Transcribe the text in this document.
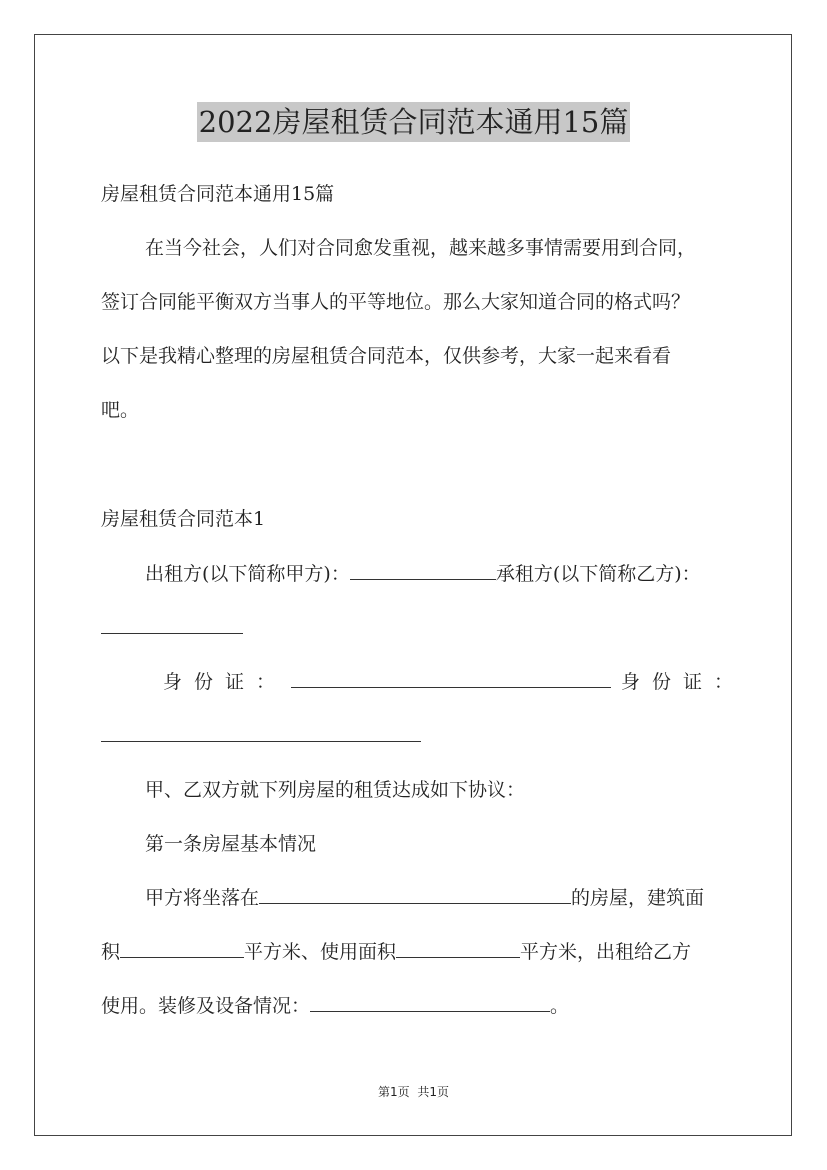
2022房屋租赁合同范本通用15篇
房屋租赁合同范本通用15篇
在当今社会，人们对合同愈发重视，越来越多事情需要用到合同，
签订合同能平衡双方当事人的平等地位。那么大家知道合同的格式吗？
以下是我精心整理的房屋租赁合同范本，仅供参考，大家一起来看看
吧。
房屋租赁合同范本1
出租方(以下简称甲方)：	承租方(以下简称乙方)：
身份证：	身份证：
甲、乙双方就下列房屋的租赁达成如下协议：
第一条房屋基本情况
甲方将坐落在	的房屋，建筑面
积	平方米、使用面积	平方米，出租给乙方
使用。装修及设备情况：	。
第1页 共1页
